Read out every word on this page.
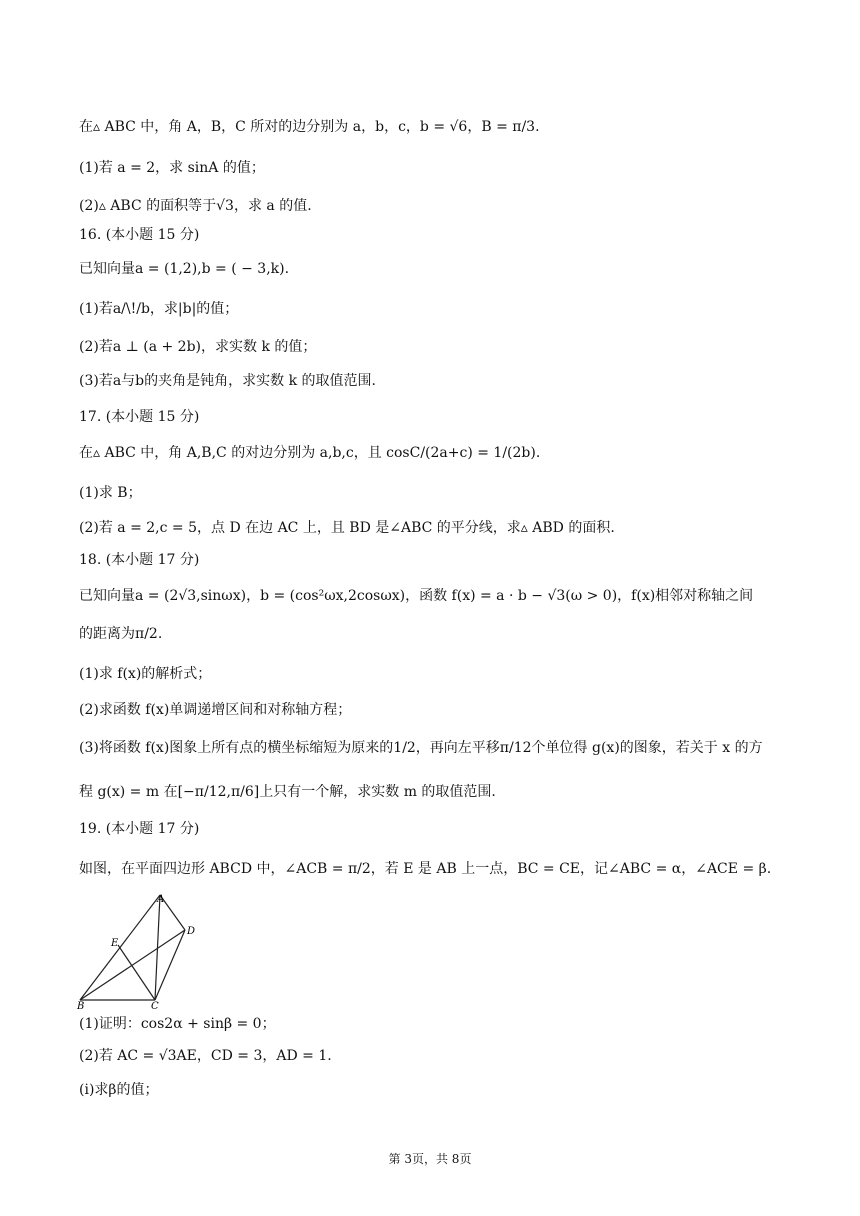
在▵ ABC 中，角 A，B，C 所对的边分别为 a，b，c，b = √6，B = π/3.
(1)若 a = 2，求 sinA 的值；
(2)▵ ABC 的面积等于√3，求 a 的值.
16. (本小题 15 分)
已知向量a = (1,2),b = ( − 3,k).
(1)若a/\!/b，求|b|的值；
(2)若a ⊥ (a + 2b)，求实数 k 的值；
(3)若a与b的夹角是钝角，求实数 k 的取值范围.
17. (本小题 15 分)
在▵ ABC 中，角 A,B,C 的对边分别为 a,b,c，且 cosC/(2a+c) = 1/(2b).
(1)求 B；
(2)若 a = 2,c = 5，点 D 在边 AC 上，且 BD 是∠ABC 的平分线，求▵ ABD 的面积.
18. (本小题 17 分)
已知向量a = (2√3,sinωx)，b = (cos²ωx,2cosωx)，函数 f(x) = a · b − √3(ω > 0)，f(x)相邻对称轴之间
的距离为π/2.
(1)求 f(x)的解析式；
(2)求函数 f(x)单调递增区间和对称轴方程；
(3)将函数 f(x)图象上所有点的横坐标缩短为原来的1/2，再向左平移π/12个单位得 g(x)的图象，若关于 x 的方
程 g(x) = m 在[−π/12,π/6]上只有一个解，求实数 m 的取值范围.
19. (本小题 17 分)
如图，在平面四边形 ABCD 中，∠ACB = π/2，若 E 是 AB 上一点，BC = CE，记∠ABC = α，∠ACE = β.
A
B	C
D
E
(1)证明：cos2α + sinβ = 0；
(2)若 AC = √3AE，CD = 3，AD = 1.
(i)求β的值；
第 3页，共 8页
